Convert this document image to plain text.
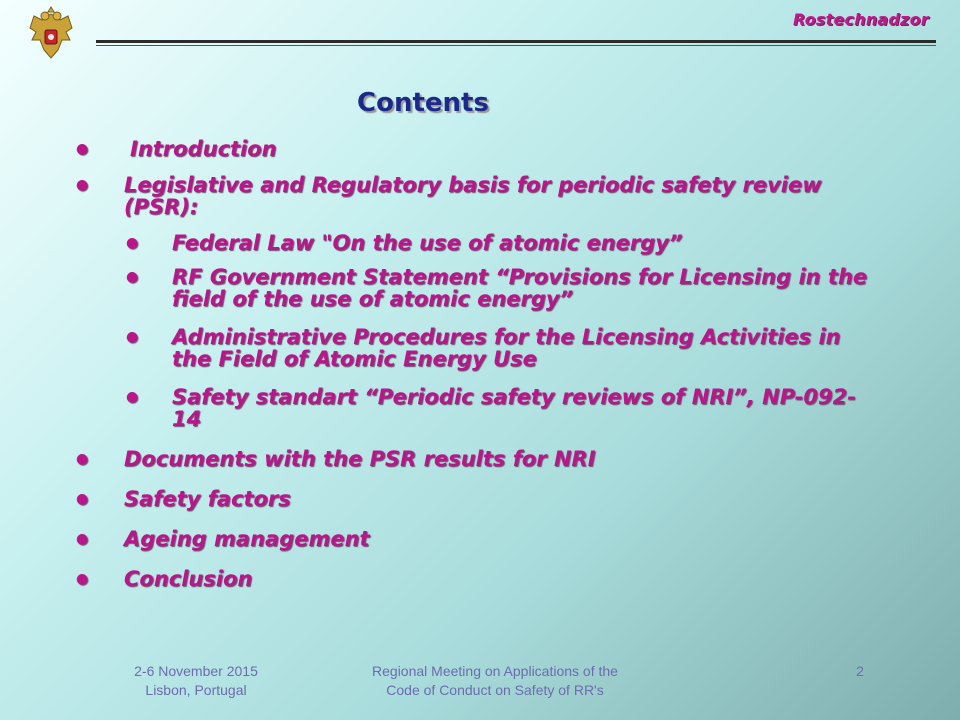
Rostechnadzor
Contents
● Introduction
● Legislative and Regulatory basis for periodic safety review (PSR):
● Federal Law "On the use of atomic energy”
● RF Government Statement “Provisions for Licensing in the field of the use of atomic energy”
● Administrative Procedures for the Licensing Activities in the Field of Atomic Energy Use
● Safety standart “Periodic safety reviews of NRI”, NP-092-14
● Documents with the PSR results for NRI
● Safety factors
● Ageing management
● Conclusion
2-6 November 2015
Lisbon, Portugal
Regional Meeting on Applications of the
Code of Conduct on Safety of RR's
2
